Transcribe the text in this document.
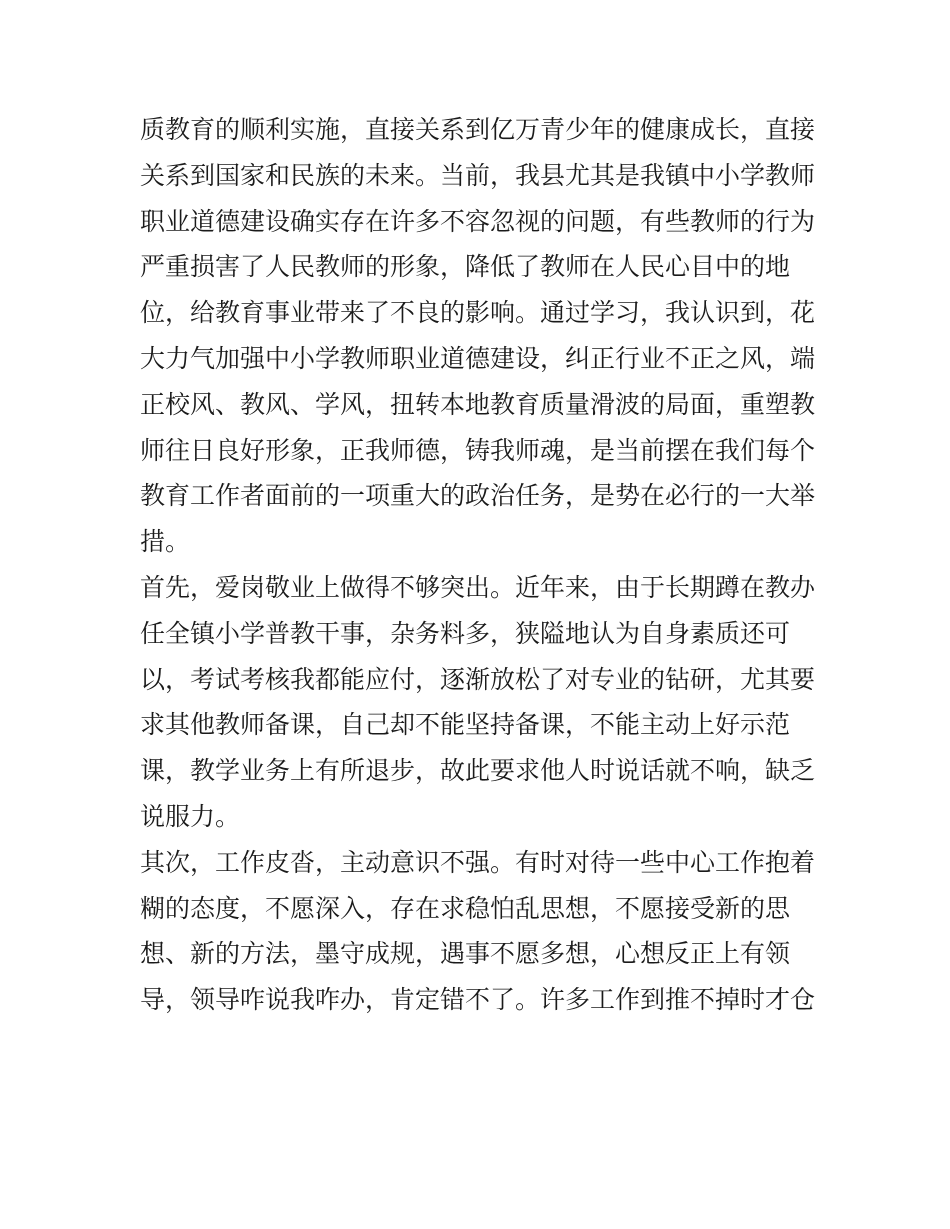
质教育的顺利实施，直接关系到亿万青少年的健康成长，直接
关系到国家和民族的未来。当前，我县尤其是我镇中小学教师
职业道德建设确实存在许多不容忽视的问题，有些教师的行为
严重损害了人民教师的形象，降低了教师在人民心目中的地
位，给教育事业带来了不良的影响。通过学习，我认识到，花
大力气加强中小学教师职业道德建设，纠正行业不正之风，端
正校风、教风、学风，扭转本地教育质量滑波的局面，重塑教
师往日良好形象，正我师德，铸我师魂，是当前摆在我们每个
教育工作者面前的一项重大的政治任务，是势在必行的一大举
措。

首先，爱岗敬业上做得不够突出。近年来，由于长期蹲在教办
任全镇小学普教干事，杂务料多，狭隘地认为自身素质还可
以，考试考核我都能应付，逐渐放松了对专业的钻研，尤其要
求其他教师备课，自己却不能坚持备课，不能主动上好示范
课，教学业务上有所退步，故此要求他人时说话就不响，缺乏
说服力。

其次，工作皮沓，主动意识不强。有时对待一些中心工作抱着
糊的态度，不愿深入，存在求稳怕乱思想，不愿接受新的思
想、新的方法，墨守成规，遇事不愿多想，心想反正上有领
导，领导咋说我咋办，肯定错不了。许多工作到推不掉时才仓
